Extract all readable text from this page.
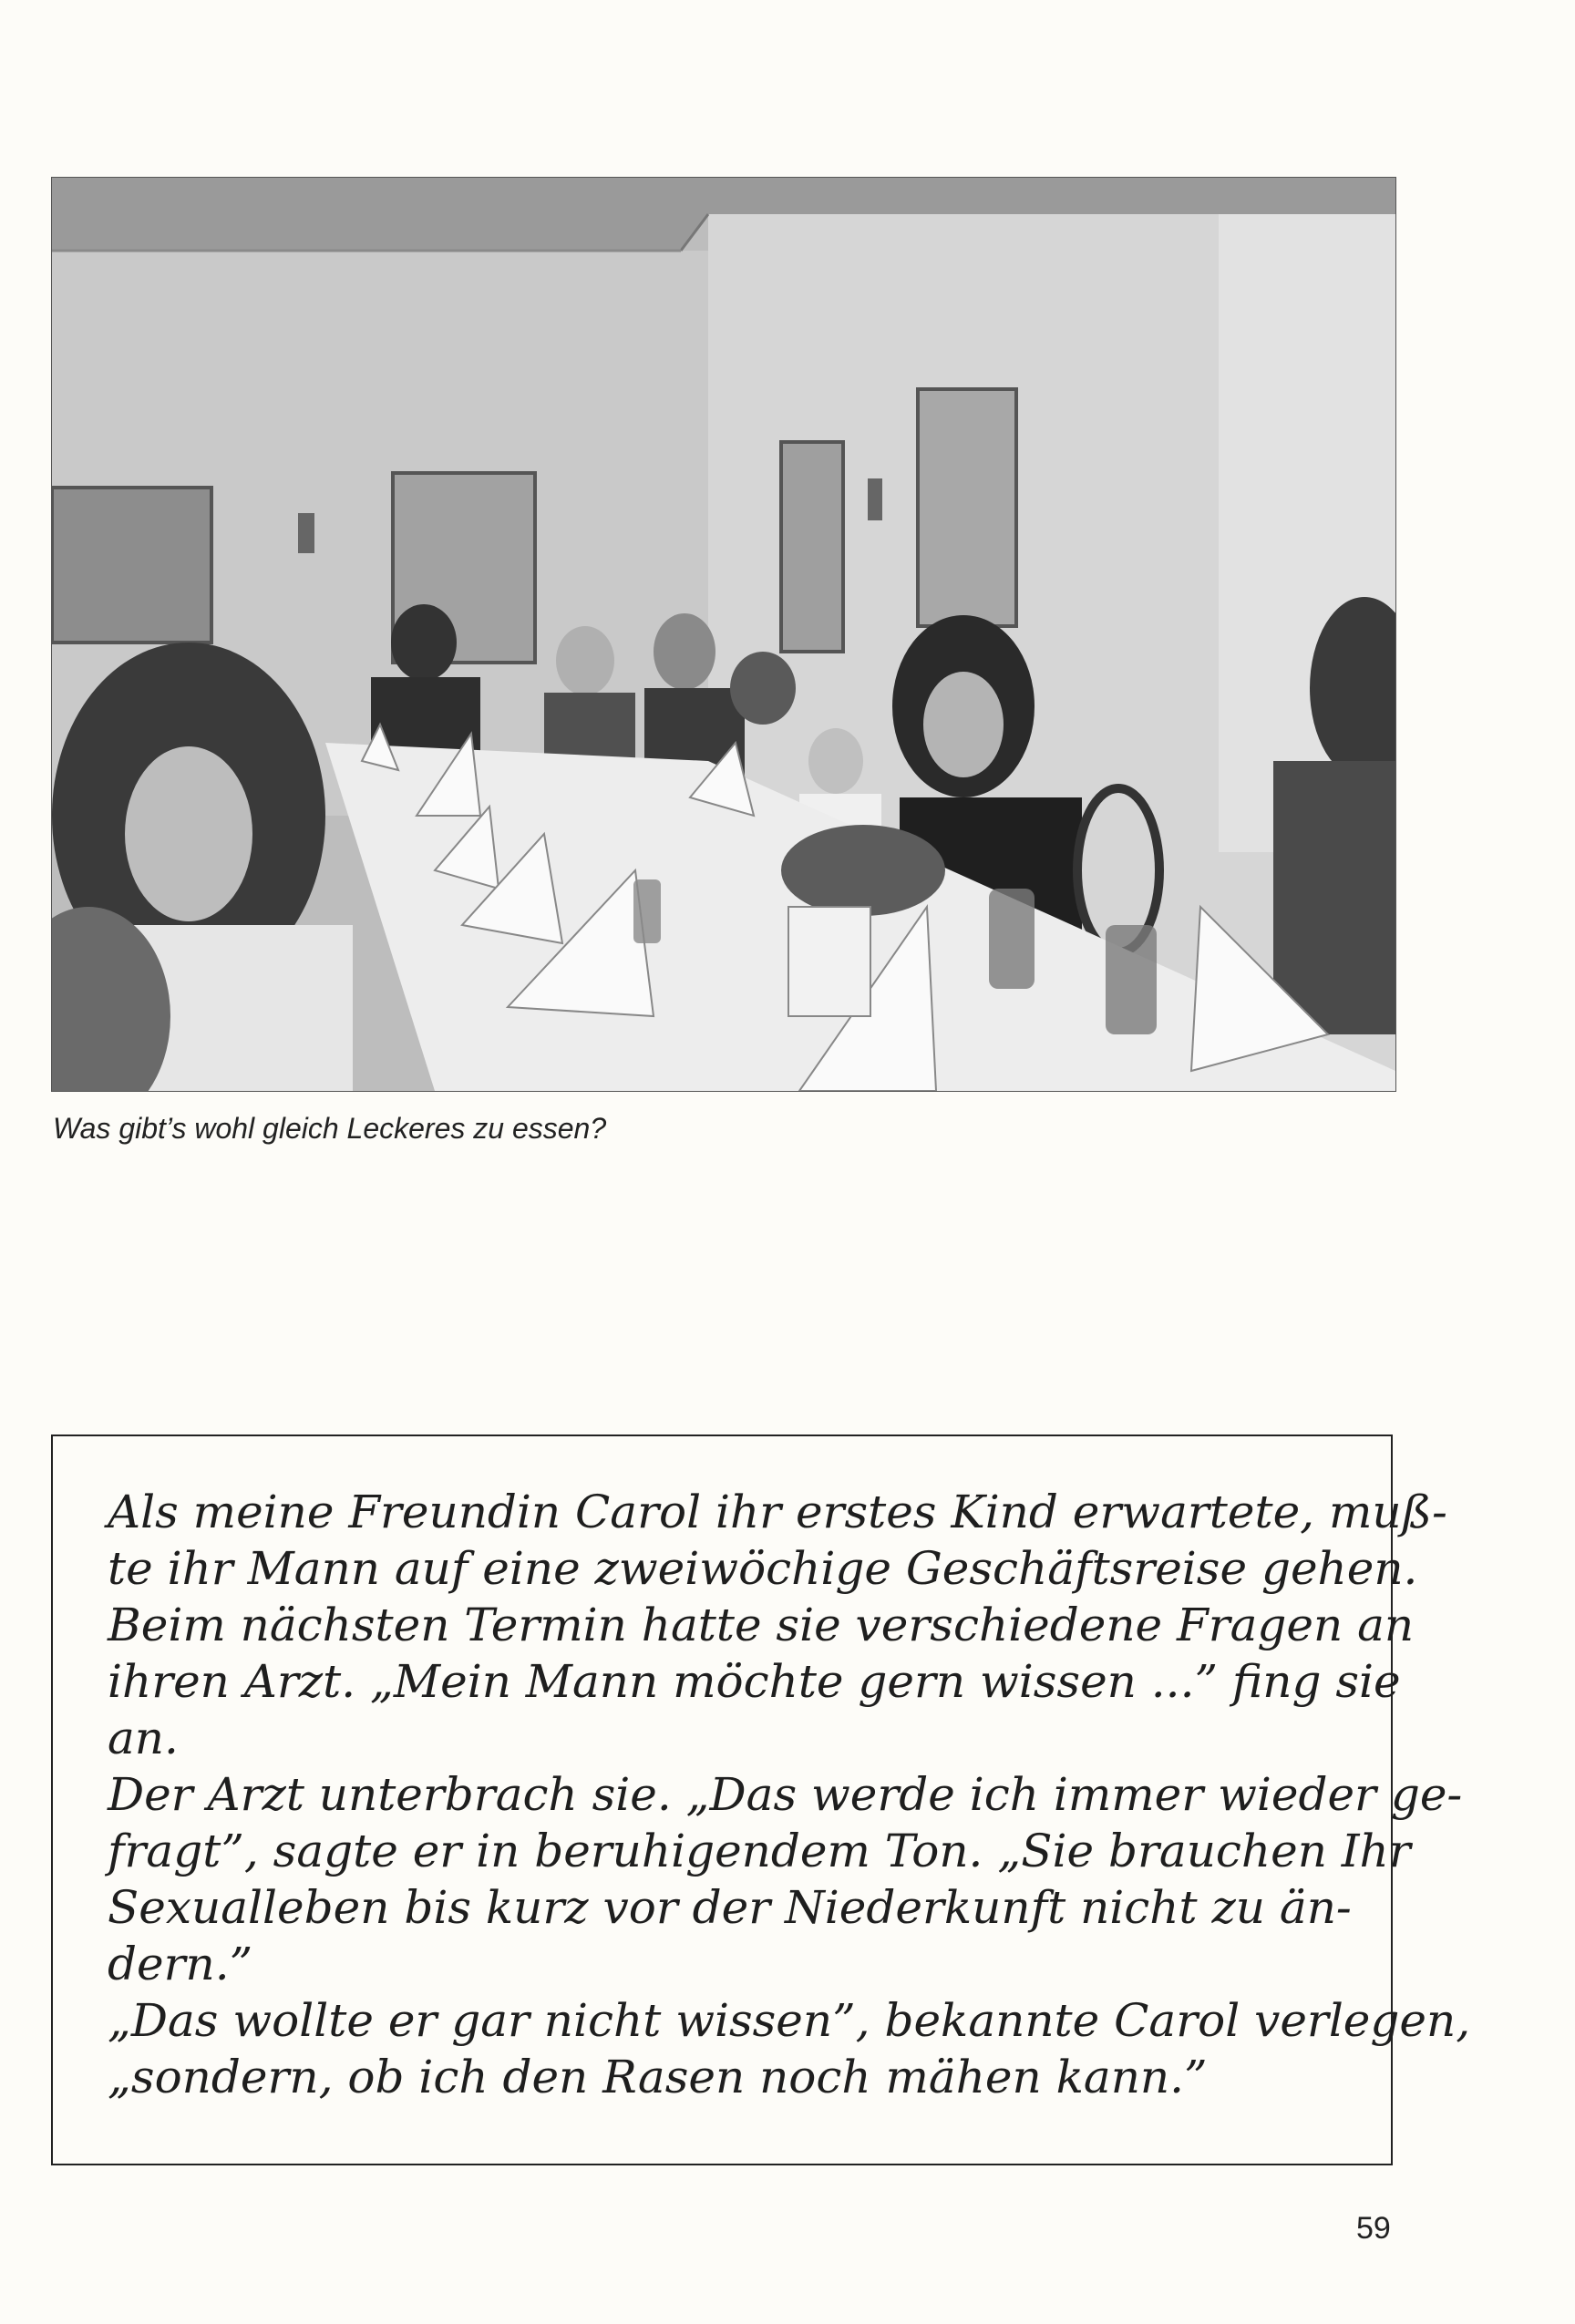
Was gibt’s wohl gleich Leckeres zu essen?
Als meine Freundin Carol ihr erstes Kind erwartete, muß-
te ihr Mann auf eine zweiwöchige Geschäftsreise gehen.
Beim nächsten Termin hatte sie verschiedene Fragen an
ihren Arzt. „Mein Mann möchte gern wissen ...” fing sie
an.
Der Arzt unterbrach sie. „Das werde ich immer wieder ge-
fragt”, sagte er in beruhigendem Ton. „Sie brauchen Ihr
Sexualleben bis kurz vor der Niederkunft nicht zu än-
dern.”
„Das wollte er gar nicht wissen”, bekannte Carol verlegen,
„sondern, ob ich den Rasen noch mähen kann.”
59
